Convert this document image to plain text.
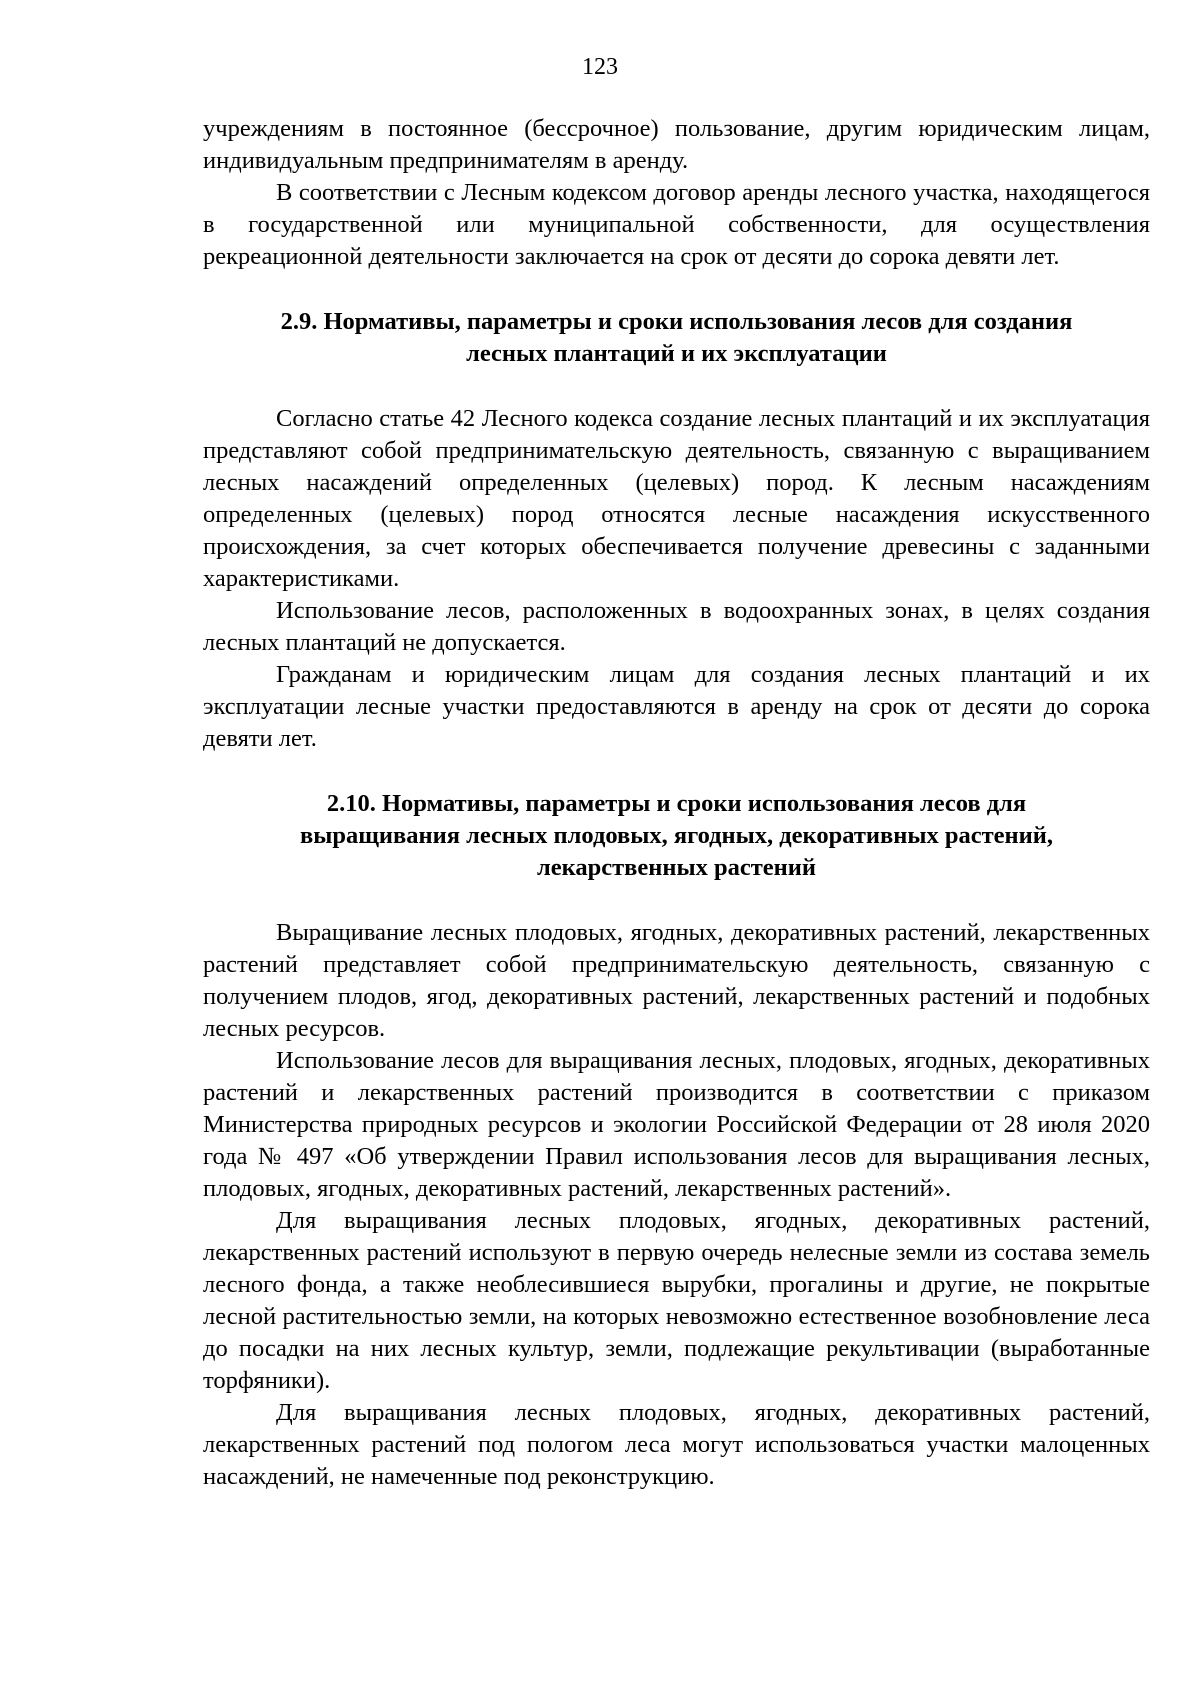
123

учреждениям в постоянное (бессрочное) пользование, другим юридическим лицам, индивидуальным предпринимателям в аренду.

В соответствии с Лесным кодексом договор аренды лесного участка, находящегося в государственной или муниципальной собственности, для осуществления рекреационной деятельности заключается на срок от десяти до сорока девяти лет.

2.9. Нормативы, параметры и сроки использования лесов для создания
лесных плантаций и их эксплуатации

Согласно статье 42 Лесного кодекса создание лесных плантаций и их эксплуатация представляют собой предпринимательскую деятельность, связанную с выращиванием лесных насаждений определенных (целевых) пород. К лесным насаждениям определенных (целевых) пород относятся лесные насаждения искусственного происхождения, за счет которых обеспечивается получение древесины с заданными характеристиками.

Использование лесов, расположенных в водоохранных зонах, в целях создания лесных плантаций не допускается.

Гражданам и юридическим лицам для создания лесных плантаций и их эксплуатации лесные участки предоставляются в аренду на срок от десяти до сорока девяти лет.

2.10. Нормативы, параметры и сроки использования лесов для
выращивания лесных плодовых, ягодных, декоративных растений,
лекарственных растений

Выращивание лесных плодовых, ягодных, декоративных растений, лекарственных растений представляет собой предпринимательскую деятельность, связанную с получением плодов, ягод, декоративных растений, лекарственных растений и подобных лесных ресурсов.

Использование лесов для выращивания лесных, плодовых, ягодных, декоративных растений и лекарственных растений производится в соответствии с приказом Министерства природных ресурсов и экологии Российской Федерации от 28 июля 2020 года № 497 «Об утверждении Правил использования лесов для выращивания лесных, плодовых, ягодных, декоративных растений, лекарственных растений».

Для выращивания лесных плодовых, ягодных, декоративных растений, лекарственных растений используют в первую очередь нелесные земли из состава земель лесного фонда, а также необлесившиеся вырубки, прогалины и другие, не покрытые лесной растительностью земли, на которых невозможно естественное возобновление леса до посадки на них лесных культур, земли, подлежащие рекультивации (выработанные торфяники).

Для выращивания лесных плодовых, ягодных, декоративных растений, лекарственных растений под пологом леса могут использоваться участки малоценных насаждений, не намеченные под реконструкцию.
